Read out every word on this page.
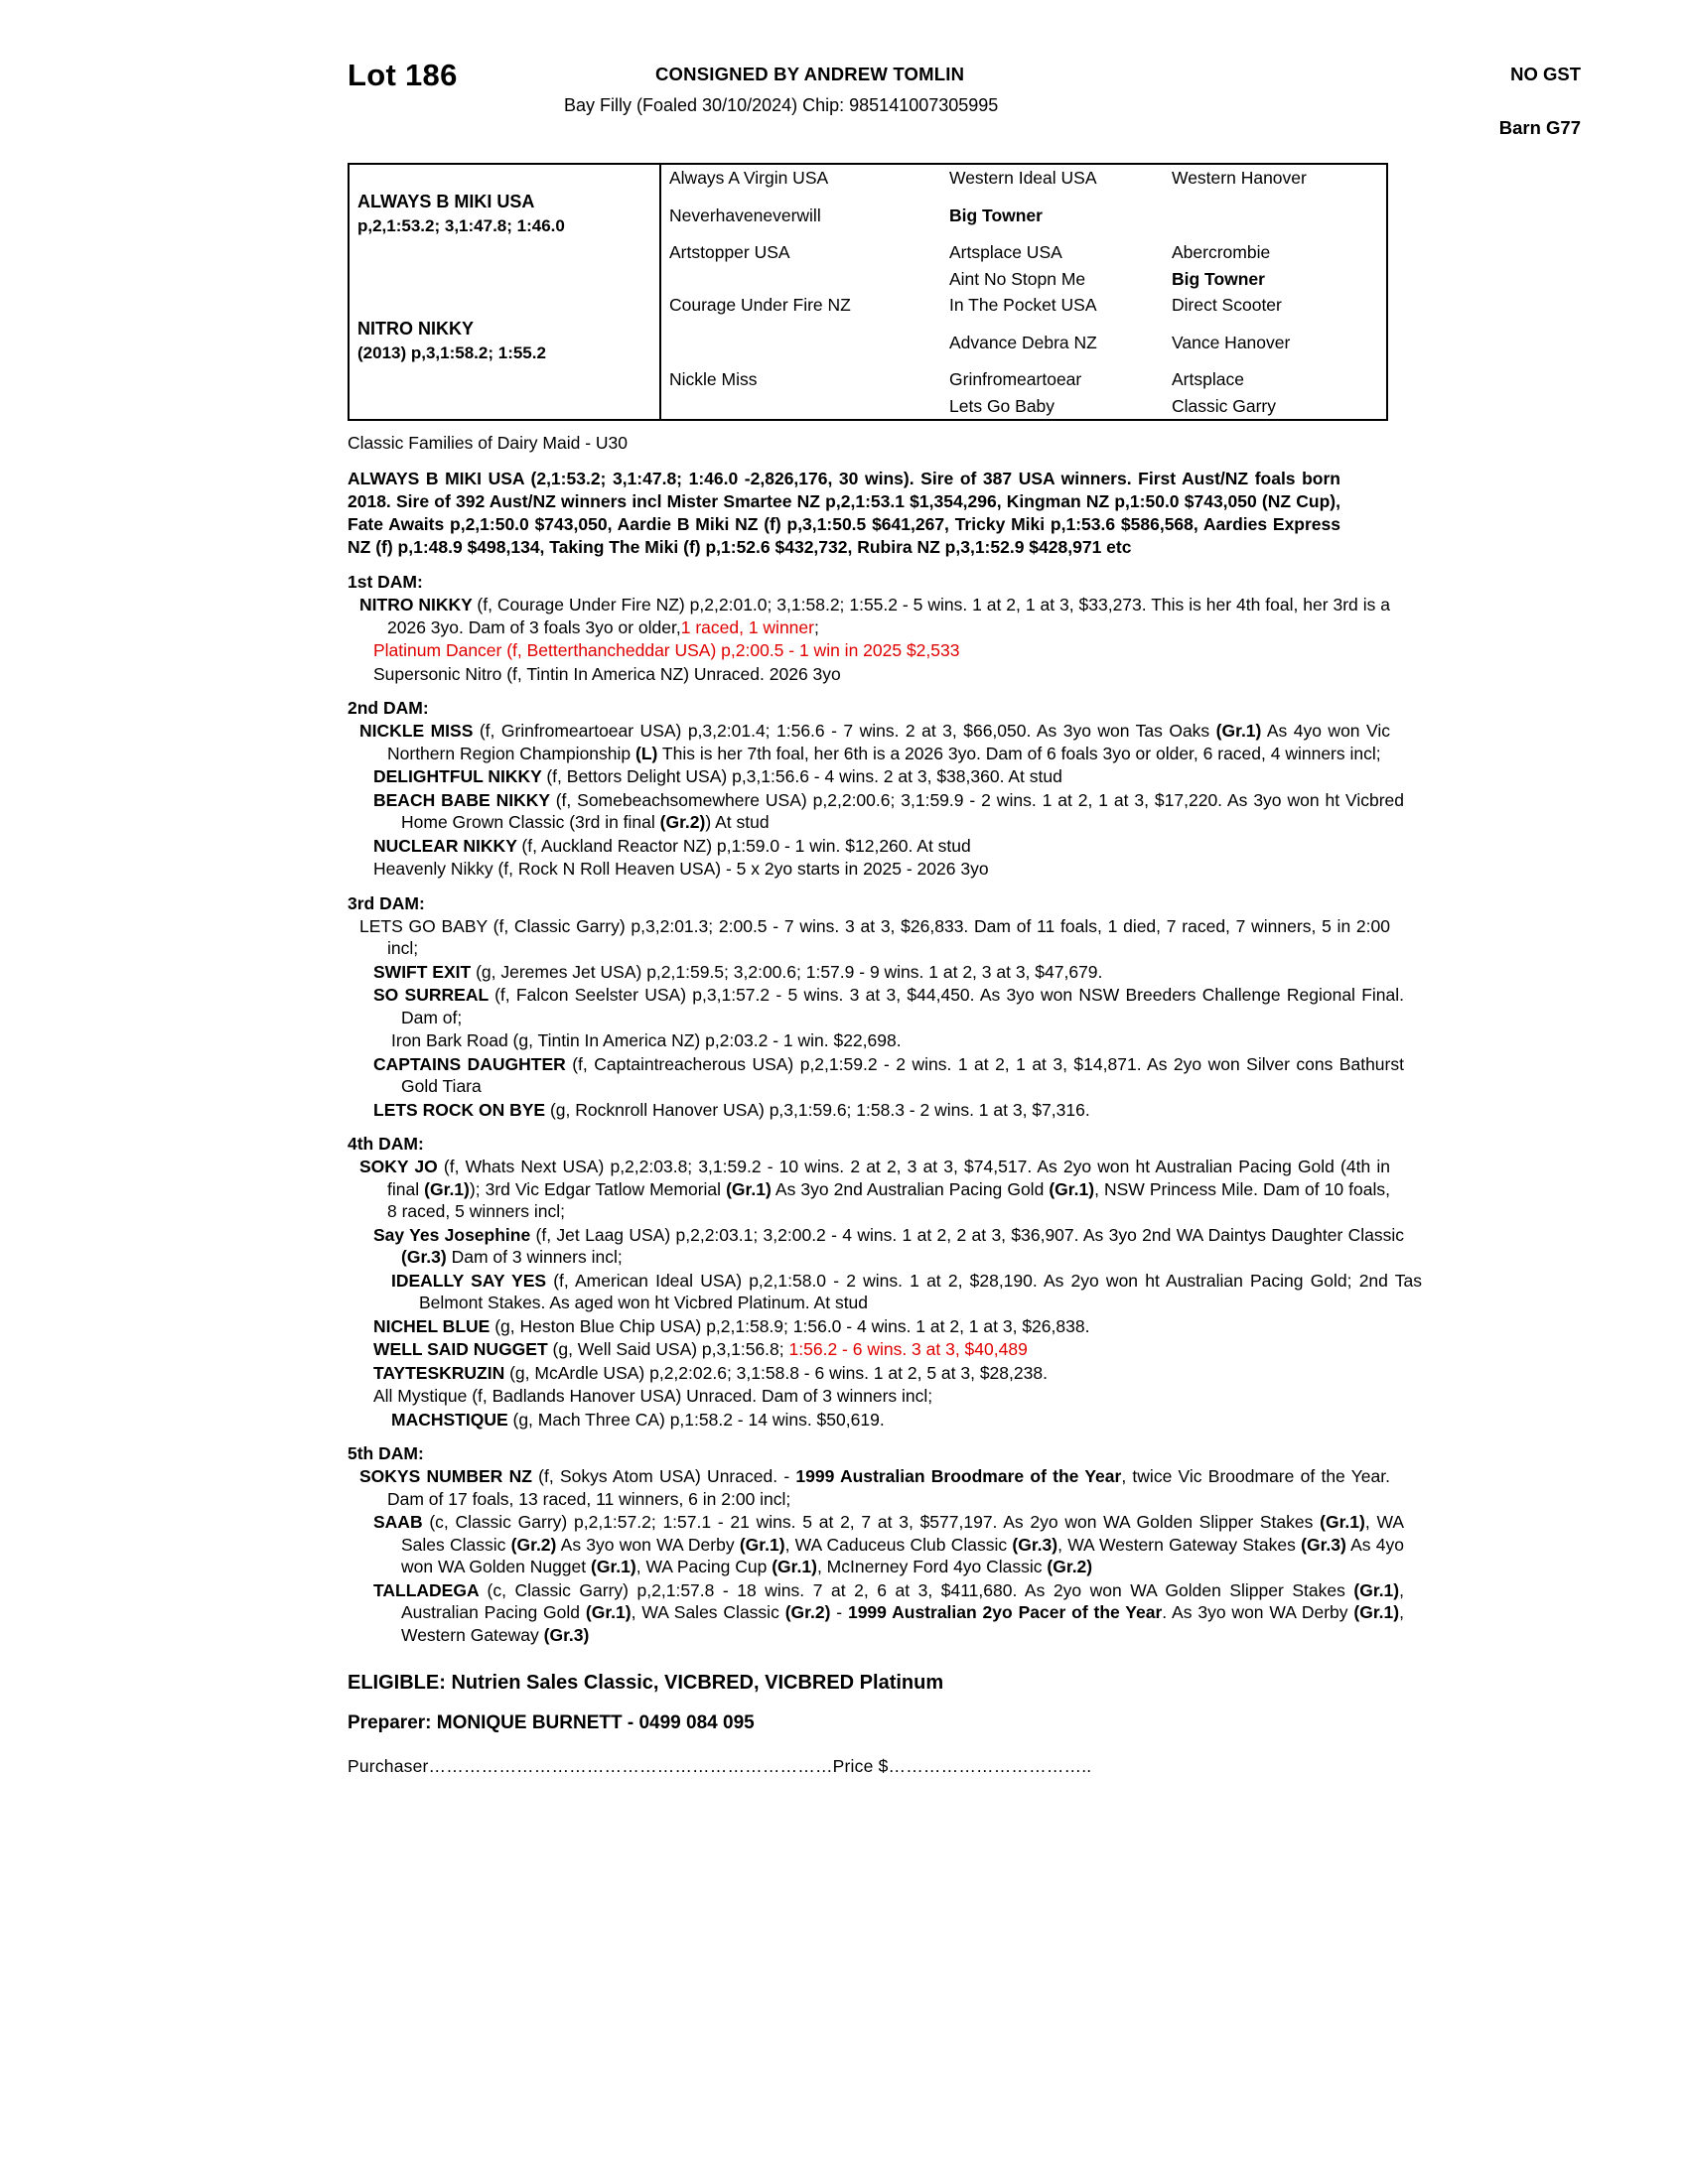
Lot 186	CONSIGNED BY ANDREW TOMLIN	NO GST
Bay Filly (Foaled 30/10/2024) Chip: 985141007305995
Barn G77
ALWAYS B MIKI USA
p,2,1:53.2; 3,1:47.8; 1:46.0	Always A Virgin USA	Western Ideal USA	Western Hanover
	Neverhaveneverwill	Big Towner	
	Artstopper USA	Artsplace USA	Abercrombie
		Aint No Stopn Me	Big Towner

NITRO NIKKY
(2013) p,3,1:58.2; 1:55.2	Courage Under Fire NZ	In The Pocket USA	Direct Scooter
		Advance Debra NZ	Vance Hanover
	Nickle Miss	Grinfromeartoear	Artsplace
		Lets Go Baby	Classic Garry
Classic Families of Dairy Maid - U30
ALWAYS B MIKI USA (2,1:53.2; 3,1:47.8; 1:46.0 -2,826,176, 30 wins). Sire of 387 USA winners. First Aust/NZ foals born 2018. Sire of 392 Aust/NZ winners incl Mister Smartee NZ p,2,1:53.1 $1,354,296, Kingman NZ p,1:50.0 $743,050 (NZ Cup), Fate Awaits p,2,1:50.0 $743,050, Aardie B Miki NZ (f) p,3,1:50.5 $641,267, Tricky Miki p,1:53.6 $586,568, Aardies Express NZ (f) p,1:48.9 $498,134, Taking The Miki (f) p,1:52.6 $432,732, Rubira NZ p,3,1:52.9 $428,971 etc
1st DAM:
NITRO NIKKY (f, Courage Under Fire NZ) p,2,2:01.0; 3,1:58.2; 1:55.2 - 5 wins. 1 at 2, 1 at 3, $33,273. This is her 4th foal, her 3rd is a 2026 3yo. Dam of 3 foals 3yo or older,1 raced, 1 winner;
Platinum Dancer (f, Betterthancheddar USA) p,2:00.5 - 1 win in 2025 $2,533
Supersonic Nitro (f, Tintin In America NZ) Unraced. 2026 3yo
2nd DAM:
NICKLE MISS (f, Grinfromeartoear USA) p,3,2:01.4; 1:56.6 - 7 wins. 2 at 3, $66,050. As 3yo won Tas Oaks (Gr.1) As 4yo won Vic Northern Region Championship (L) This is her 7th foal, her 6th is a 2026 3yo. Dam of 6 foals 3yo or older, 6 raced, 4 winners incl;
DELIGHTFUL NIKKY (f, Bettors Delight USA) p,3,1:56.6 - 4 wins. 2 at 3, $38,360. At stud
BEACH BABE NIKKY (f, Somebeachsomewhere USA) p,2,2:00.6; 3,1:59.9 - 2 wins. 1 at 2, 1 at 3, $17,220. As 3yo won ht Vicbred Home Grown Classic (3rd in final (Gr.2)) At stud
NUCLEAR NIKKY (f, Auckland Reactor NZ) p,1:59.0 - 1 win. $12,260. At stud
Heavenly Nikky (f, Rock N Roll Heaven USA) - 5 x 2yo starts in 2025 - 2026 3yo
3rd DAM:
LETS GO BABY (f, Classic Garry) p,3,2:01.3; 2:00.5 - 7 wins. 3 at 3, $26,833. Dam of 11 foals, 1 died, 7 raced, 7 winners, 5 in 2:00 incl;
SWIFT EXIT (g, Jeremes Jet USA) p,2,1:59.5; 3,2:00.6; 1:57.9 - 9 wins. 1 at 2, 3 at 3, $47,679.
SO SURREAL (f, Falcon Seelster USA) p,3,1:57.2 - 5 wins. 3 at 3, $44,450. As 3yo won NSW Breeders Challenge Regional Final. Dam of;
Iron Bark Road (g, Tintin In America NZ) p,2:03.2 - 1 win. $22,698.
CAPTAINS DAUGHTER (f, Captaintreacherous USA) p,2,1:59.2 - 2 wins. 1 at 2, 1 at 3, $14,871. As 2yo won Silver cons Bathurst Gold Tiara
LETS ROCK ON BYE (g, Rocknroll Hanover USA) p,3,1:59.6; 1:58.3 - 2 wins. 1 at 3, $7,316.
4th DAM:
SOKY JO (f, Whats Next USA) p,2,2:03.8; 3,1:59.2 - 10 wins. 2 at 2, 3 at 3, $74,517. As 2yo won ht Australian Pacing Gold (4th in final (Gr.1)); 3rd Vic Edgar Tatlow Memorial (Gr.1) As 3yo 2nd Australian Pacing Gold (Gr.1), NSW Princess Mile. Dam of 10 foals, 8 raced, 5 winners incl;
Say Yes Josephine (f, Jet Laag USA) p,2,2:03.1; 3,2:00.2 - 4 wins. 1 at 2, 2 at 3, $36,907. As 3yo 2nd WA Daintys Daughter Classic (Gr.3) Dam of 3 winners incl;
IDEALLY SAY YES (f, American Ideal USA) p,2,1:58.0 - 2 wins. 1 at 2, $28,190. As 2yo won ht Australian Pacing Gold; 2nd Tas Belmont Stakes. As aged won ht Vicbred Platinum. At stud
NICHEL BLUE (g, Heston Blue Chip USA) p,2,1:58.9; 1:56.0 - 4 wins. 1 at 2, 1 at 3, $26,838.
WELL SAID NUGGET (g, Well Said USA) p,3,1:56.8; 1:56.2 - 6 wins. 3 at 3, $40,489
TAYTESKRUZIN (g, McArdle USA) p,2,2:02.6; 3,1:58.8 - 6 wins. 1 at 2, 5 at 3, $28,238.
All Mystique (f, Badlands Hanover USA) Unraced. Dam of 3 winners incl;
MACHSTIQUE (g, Mach Three CA) p,1:58.2 - 14 wins. $50,619.
5th DAM:
SOKYS NUMBER NZ (f, Sokys Atom USA) Unraced. - 1999 Australian Broodmare of the Year, twice Vic Broodmare of the Year. Dam of 17 foals, 13 raced, 11 winners, 6 in 2:00 incl;
SAAB (c, Classic Garry) p,2,1:57.2; 1:57.1 - 21 wins. 5 at 2, 7 at 3, $577,197. As 2yo won WA Golden Slipper Stakes (Gr.1), WA Sales Classic (Gr.2) As 3yo won WA Derby (Gr.1), WA Caduceus Club Classic (Gr.3), WA Western Gateway Stakes (Gr.3) As 4yo won WA Golden Nugget (Gr.1), WA Pacing Cup (Gr.1), McInerney Ford 4yo Classic (Gr.2)
TALLADEGA (c, Classic Garry) p,2,1:57.8 - 18 wins. 7 at 2, 6 at 3, $411,680. As 2yo won WA Golden Slipper Stakes (Gr.1), Australian Pacing Gold (Gr.1), WA Sales Classic (Gr.2) - 1999 Australian 2yo Pacer of the Year. As 3yo won WA Derby (Gr.1), Western Gateway (Gr.3)
ELIGIBLE: Nutrien Sales Classic, VICBRED, VICBRED Platinum
Preparer: MONIQUE BURNETT - 0499 084 095
Purchaser……………………………………………………………Price $……………………………..
